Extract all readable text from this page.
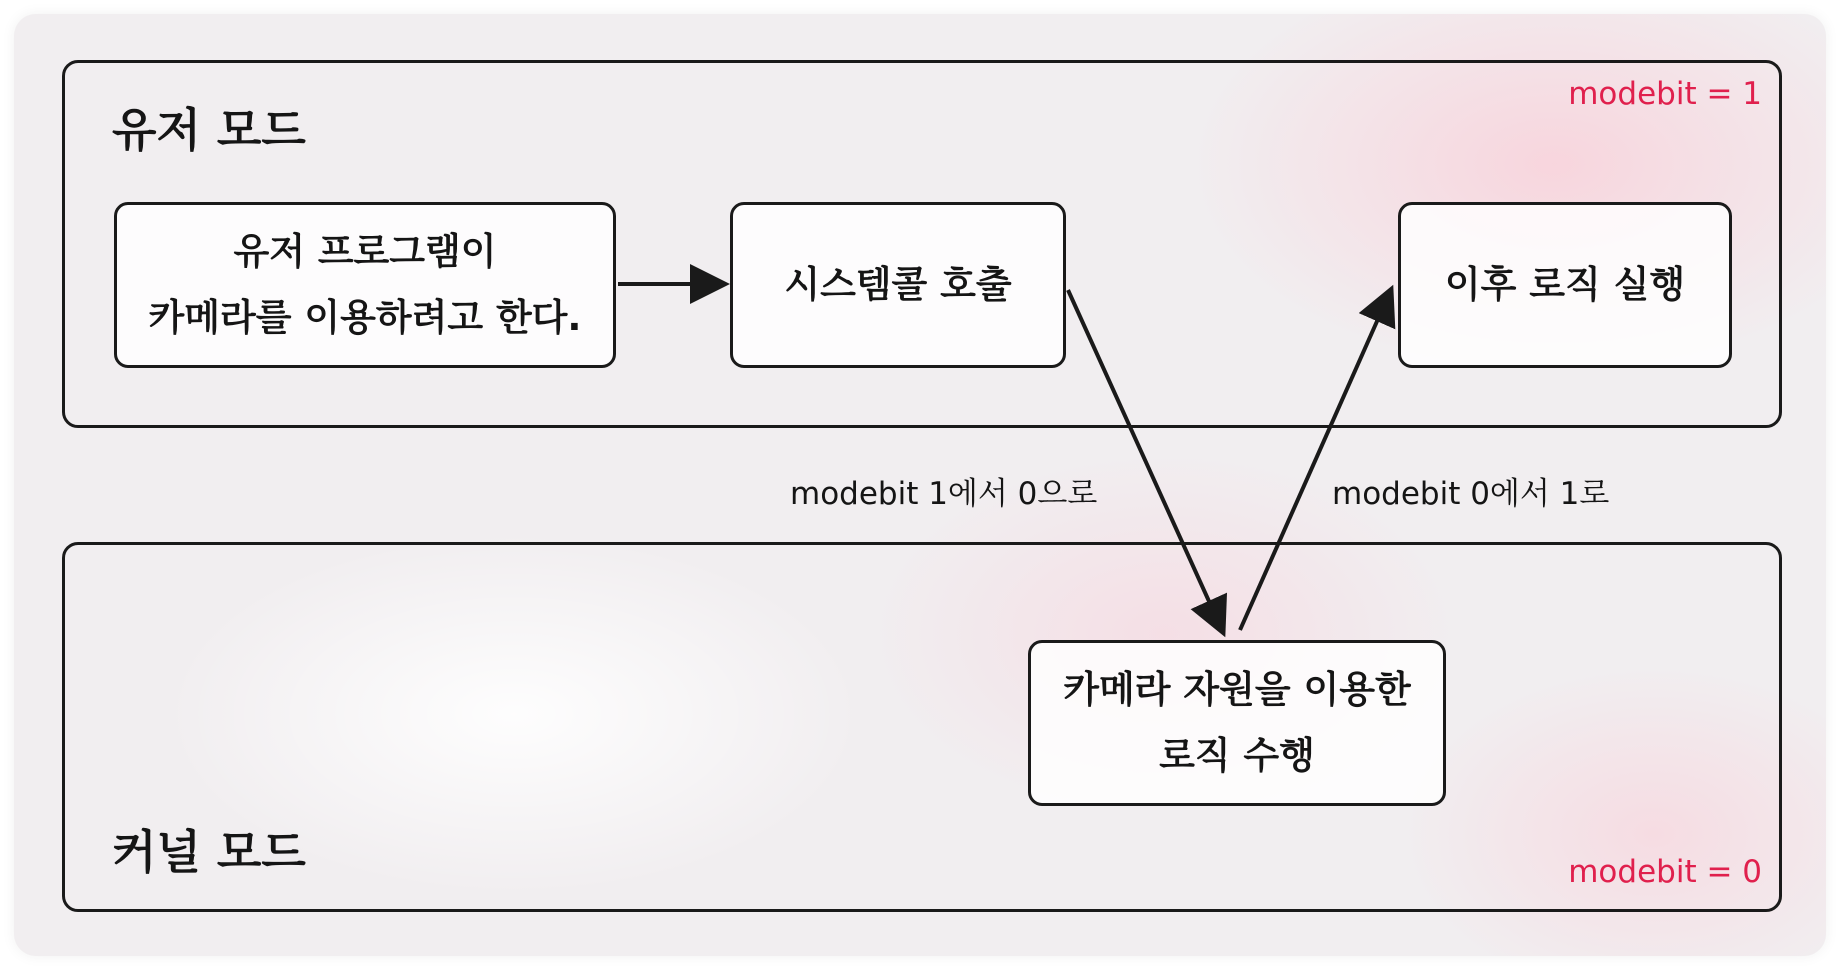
유저 모드
modebit = 1
커널 모드	modebit = 0
유저 프로그램이
카메라를 이용하려고 한다.
시스템콜 호출	이후 로직 실행
카메라 자원을 이용한
로직 수행
modebit 1에서 0으로	modebit 0에서 1로
